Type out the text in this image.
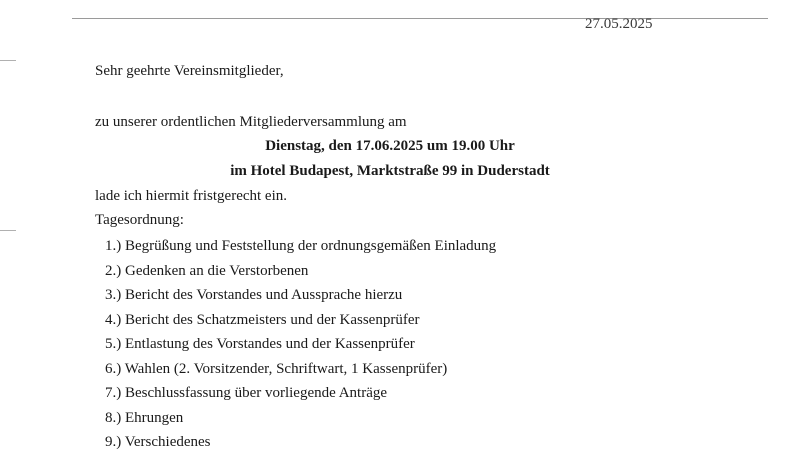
27.05.2025
Sehr geehrte Vereinsmitglieder,
zu unserer ordentlichen Mitgliederversammlung am
Dienstag, den 17.06.2025 um 19.00 Uhr
im Hotel Budapest, Marktstraße 99 in Duderstadt
lade ich hiermit fristgerecht ein.
Tagesordnung:
1.) Begrüßung und Feststellung der ordnungsgemäßen Einladung
2.) Gedenken an die Verstorbenen
3.) Bericht des Vorstandes und Aussprache hierzu
4.) Bericht des Schatzmeisters und der Kassenprüfer
5.) Entlastung des Vorstandes und der Kassenprüfer
6.) Wahlen (2. Vorsitzender, Schriftwart, 1 Kassenprüfer)
7.) Beschlussfassung über vorliegende Anträge
8.) Ehrungen
9.) Verschiedenes
